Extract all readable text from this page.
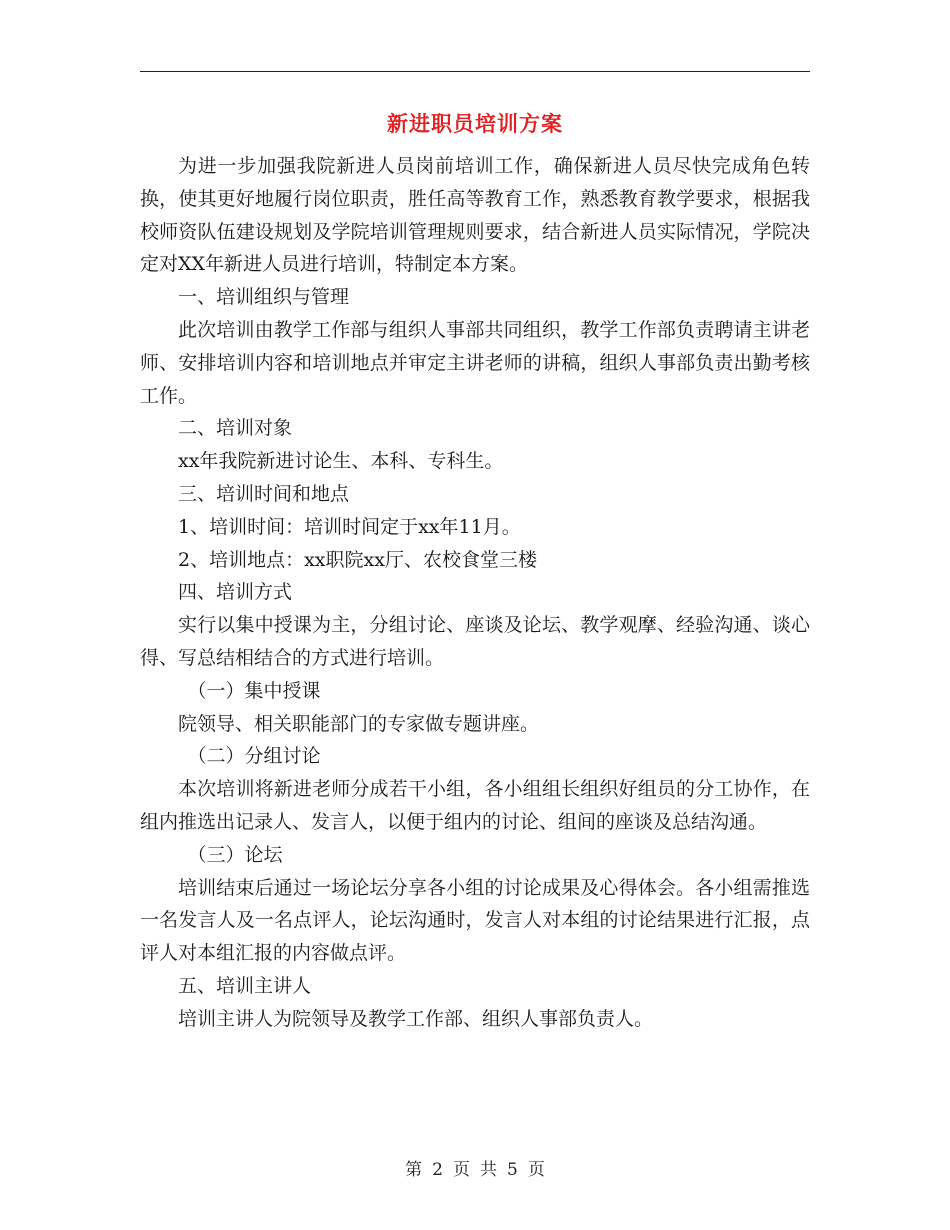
新进职员培训方案

为进一步加强我院新进人员岗前培训工作，确保新进人员尽快完成角色转换，使其更好地履行岗位职责，胜任高等教育工作，熟悉教育教学要求，根据我校师资队伍建设规划及学院培训管理规则要求，结合新进人员实际情况，学院决定对XX年新进人员进行培训，特制定本方案。

一、培训组织与管理

此次培训由教学工作部与组织人事部共同组织，教学工作部负责聘请主讲老师、安排培训内容和培训地点并审定主讲老师的讲稿，组织人事部负责出勤考核工作。

二、培训对象

xx年我院新进讨论生、本科、专科生。

三、培训时间和地点

1、培训时间：培训时间定于xx年11月。

2、培训地点：xx职院xx厅、农校食堂三楼

四、培训方式

实行以集中授课为主，分组讨论、座谈及论坛、教学观摩、经验沟通、谈心得、写总结相结合的方式进行培训。

（一）集中授课

院领导、相关职能部门的专家做专题讲座。

（二）分组讨论

本次培训将新进老师分成若干小组，各小组组长组织好组员的分工协作，在组内推选出记录人、发言人，以便于组内的讨论、组间的座谈及总结沟通。

（三）论坛

培训结束后通过一场论坛分享各小组的讨论成果及心得体会。各小组需推选一名发言人及一名点评人，论坛沟通时，发言人对本组的讨论结果进行汇报，点评人对本组汇报的内容做点评。

五、培训主讲人

培训主讲人为院领导及教学工作部、组织人事部负责人。

第 2 页 共 5 页
